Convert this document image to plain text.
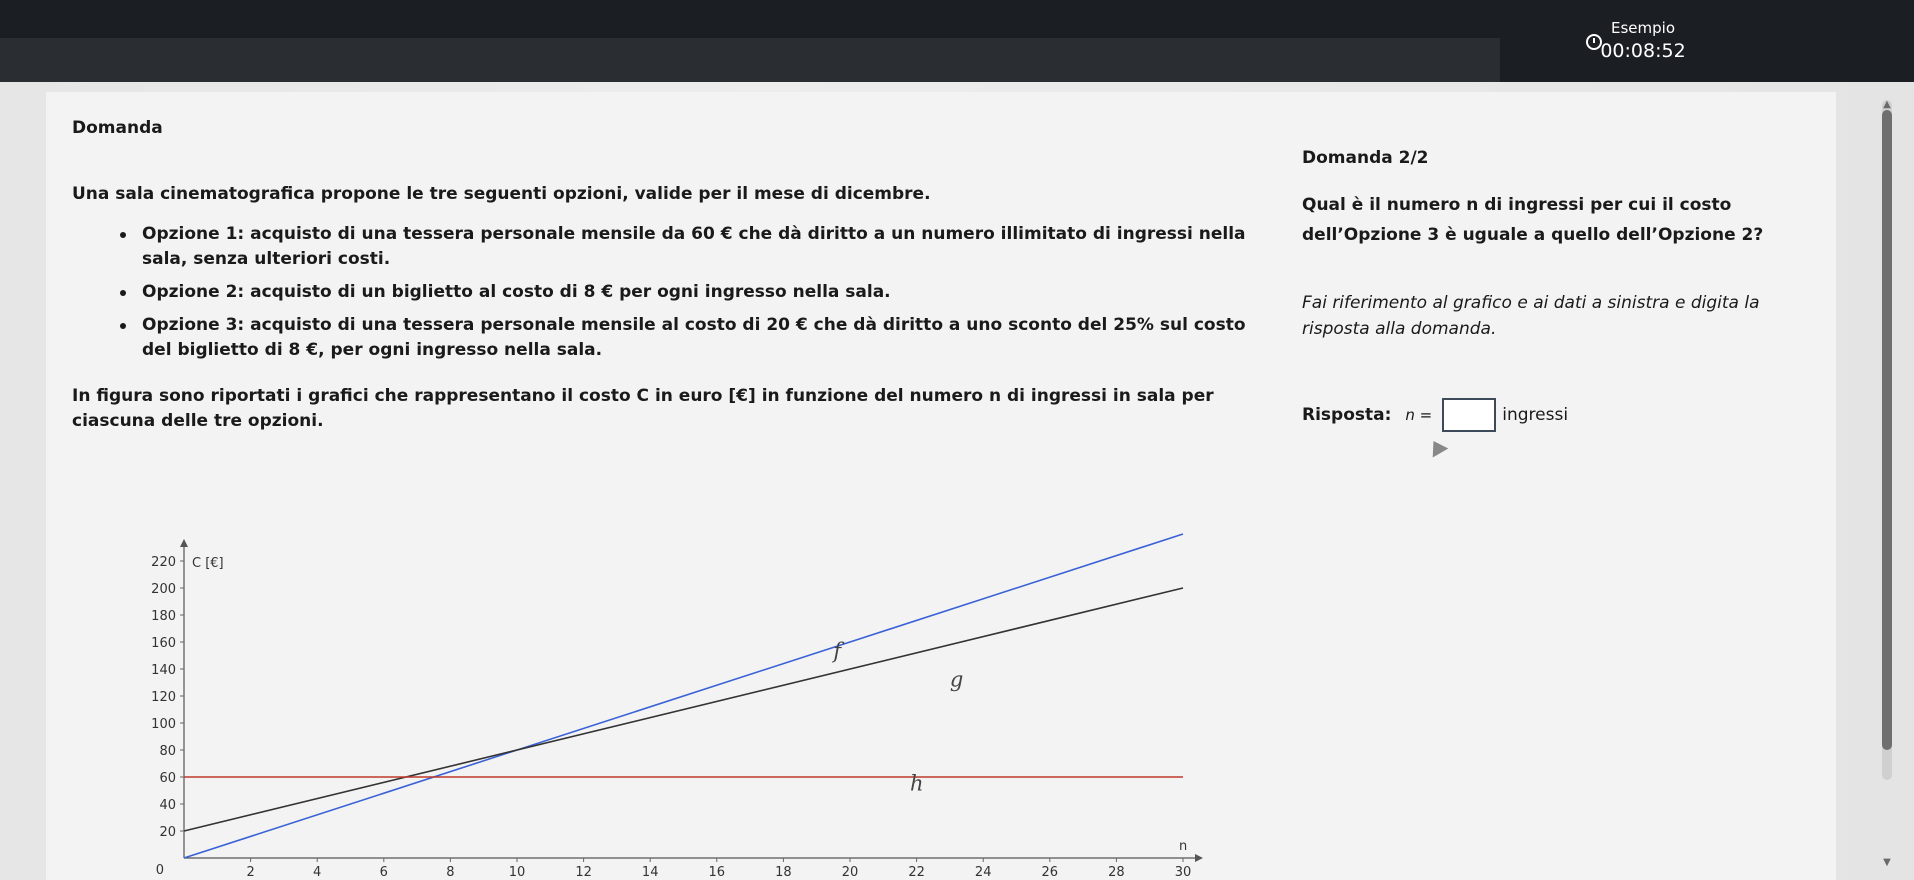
Esempio
00:08:52
Domanda
Una sala cinematografica propone le tre seguenti opzioni, valide per il mese di dicembre.
Opzione 1: acquisto di una tessera personale mensile da 60 € che dà diritto a un numero illimitato di ingressi nella sala, senza ulteriori costi.
Opzione 2: acquisto di un biglietto al costo di 8 € per ogni ingresso nella sala.
Opzione 3: acquisto di una tessera personale mensile al costo di 20 € che dà diritto a uno sconto del 25% sul costo del biglietto di 8 €, per ogni ingresso nella sala.
In figura sono riportati i grafici che rappresentano il costo C in euro [€] in funzione del numero n di ingressi in sala per ciascuna delle tre opzioni.
C [€]
n
0
20
40
60
80
100
120
140
160
180
200
220
2	4	6	8	10	12	14	16	18	20	22	24	26	28	30
f
g
h
Domanda 2/2
Qual è il numero n di ingressi per cui il costo dell’Opzione 3 è uguale a quello dell’Opzione 2?
Fai riferimento al grafico e ai dati a sinistra e digita la risposta alla domanda.
Risposta: n =	ingressi
▲
▼
